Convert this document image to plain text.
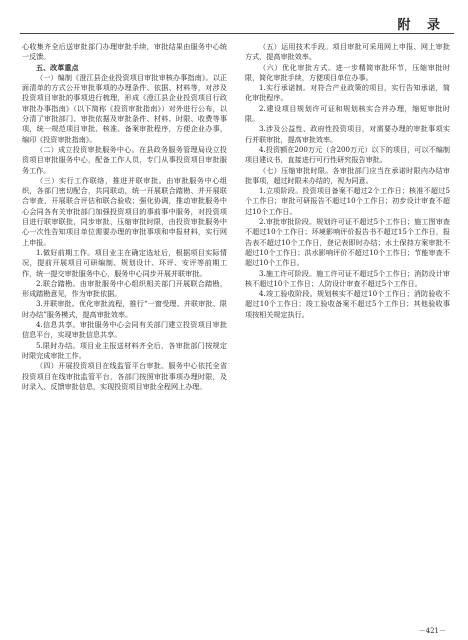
附 录

心收集齐全后送审批部门办理审批手续，审批结果由服务中心统一反馈。

五、改革重点

（一）编制《澄江县企业投资项目审批审核办事指南》。以正面清单的方式公开审批事项的办理条件、依据、材料等，对涉及投资项目审批的事项进行梳理，形成《澄江县企业投资项目行政审批办事指南》（以下简称《投资审批指南》）对外进行公布，以分清了审批部门、审批依据及审批条件、材料、时限、收费等事项，统一规范项目审批、核准、备案审批程序，方便企业办事，编印《投资审批指南》。

（二）成立投资审批服务中心。在县政务服务管理局设立投资项目审批服务中心，配备工作人员，专门从事投资项目审批服务工作。

（三）实行工作联络，推进并联审批。由审批服务中心组织，各部门密切配合，共同联动，统一开展联合踏勘、并开展联合审查，开展联合评估和联合验收；强化协调，推动审批服务中心会同各有关审批部门加强投资项目的事前事中服务，对投资项目进行联审联批，同步审批，压缩审批时限，由投资审批服务中心一次性告知项目单位需要办理的审批事项和申报材料，实行网上申报。

1.做好前期工作。项目业主在确定选址后，根据项目实际情况，提前开展项目可研编制、规划设计、环评、安评等前期工作，统一提交审批服务中心，服务中心同步开展并联审批。

2.联合踏勘。由审批服务中心组织相关部门开展联合踏勘，形成踏勘意见，作为审批依据。

3.并联审批。优化审批流程，推行“一窗受理、并联审批、限时办结”服务模式，提高审批效率。

4.信息共享。审批服务中心会同有关部门建立投资项目审批信息平台，实现审批信息共享。

5.限时办结。项目业主报送材料齐全后，各审批部门按规定时限完成审批工作。

（四）开展投资项目在线监管平台审批。服务中心依托全省投资项目在线审批监管平台，各部门按照审批事项办理时限，及时录入、反馈审批信息，实现投资项目审批全程网上办理。

（五）运用技术手段。项目审批可采用网上申报、网上审批方式，提高审批效率。

（六）优化审批方式。进一步精简审批环节，压缩审批时限，简化审批手续，方便项目单位办事。

1.实行承诺制。对符合产业政策的项目，实行告知承诺，简化审批程序。

2.建设项目规划许可证和规划核实合并办理，缩短审批时限。

3.涉及公益性、政府性投资项目，对需要办理的审批事项实行并联审批，提高审批效率。

4.投资额在200万元（含200万元）以下的项目，可以不编制项目建议书，直接进行可行性研究报告审批。

（七）压缩审批时限。各审批部门应当在承诺时限内办结审批事项，超过时限未办结的，视为同意。

1.立项阶段。投资项目备案不超过2个工作日；核准不超过5个工作日；审批可研报告不超过10个工作日；初步设计审查不超过10个工作日。

2.审批审批阶段。规划许可证不超过5个工作日；施工图审查不超过10个工作日；环境影响评价报告书不超过15个工作日，报告表不超过10个工作日，登记表即时办结；水土保持方案审批不超过10个工作日；洪水影响评价不超过10个工作日；节能审查不超过10个工作日。

3.施工许可阶段。施工许可证不超过5个工作日；消防设计审核不超过10个工作日；人防设计审查不超过5个工作日。

4.竣工验收阶段。规划核实不超过10个工作日；消防验收不超过10个工作日；竣工验收备案不超过5个工作日；其他验收事项按相关规定执行。

－421－
